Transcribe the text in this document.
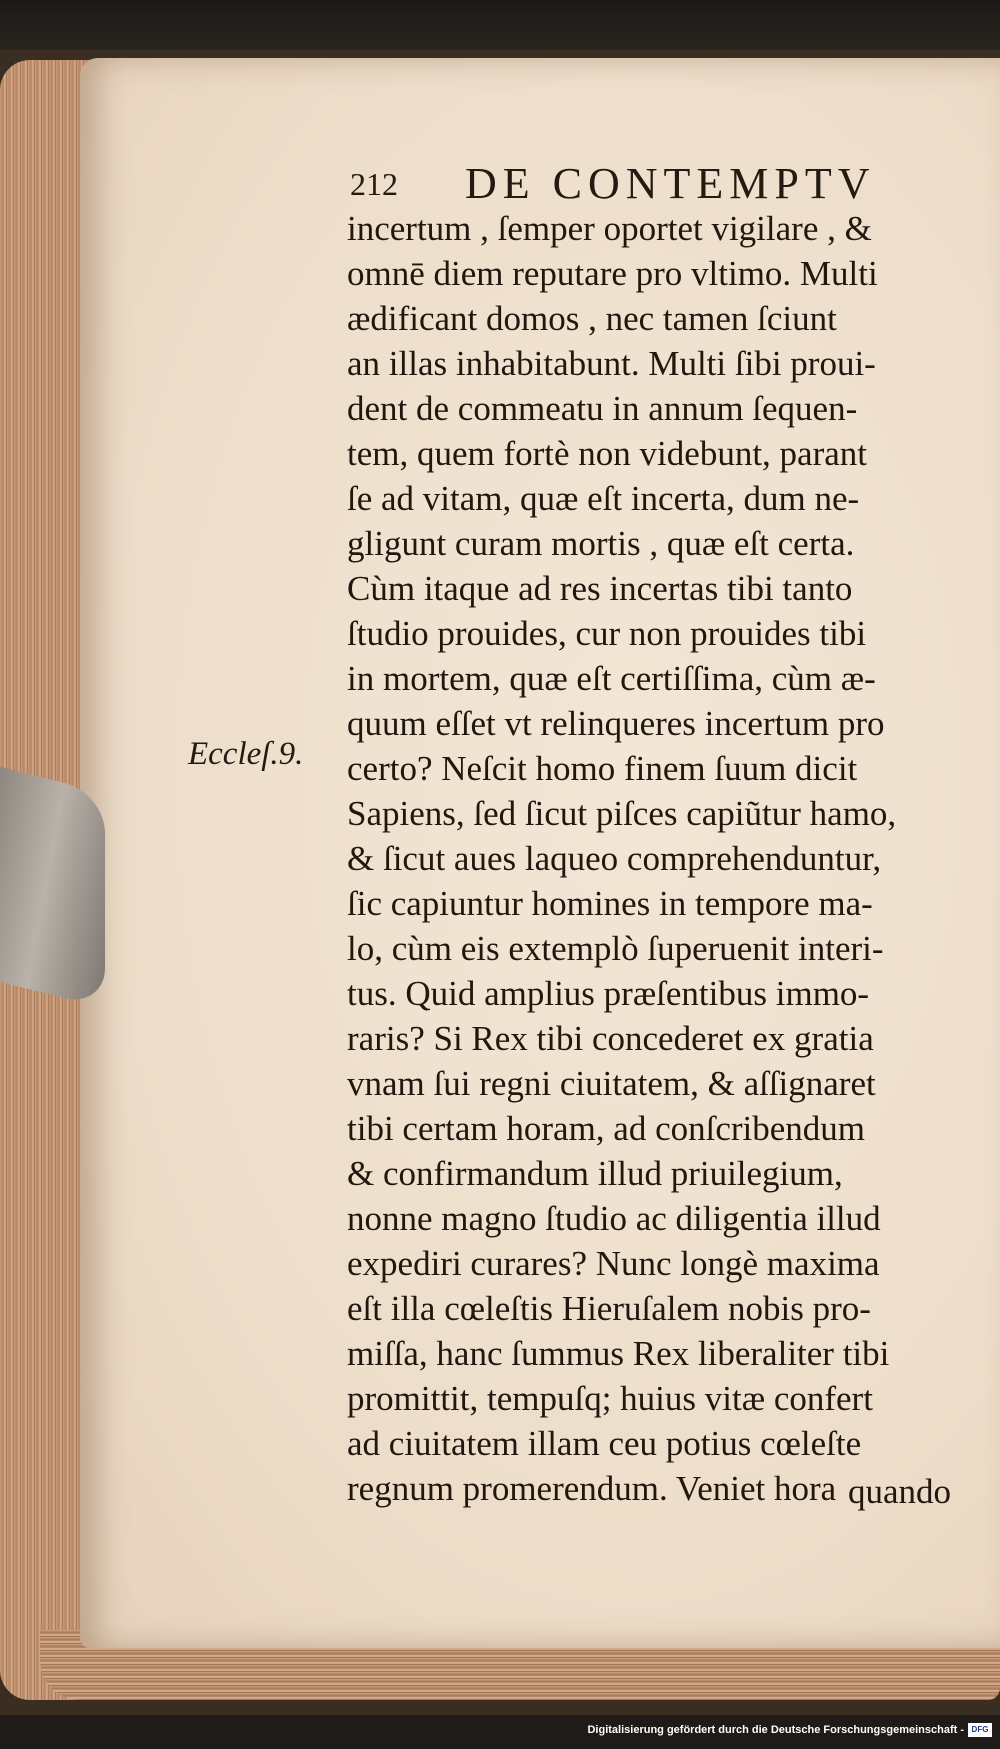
212 DE CONTEMPTV
Eccleſ.9.
incertum , ſemper oportet vigilare , &
omnē diem reputare pro vltimo. Multi
ædificant domos , nec tamen ſciunt
an illas inhabitabunt. Multi ſibi proui-
dent de commeatu in annum ſequen-
tem, quem fortè non videbunt, parant
ſe ad vitam, quæ eſt incerta, dum ne-
gligunt curam mortis , quæ eſt certa.
Cùm itaque ad res incertas tibi tanto
ſtudio prouides, cur non prouides tibi
in mortem, quæ eſt certiſſima, cùm æ-
quum eſſet vt relinqueres incertum pro
certo? Neſcit homo finem ſuum dicit
Sapiens, ſed ſicut piſces capiũtur hamo,
& ſicut aues laqueo comprehenduntur,
ſic capiuntur homines in tempore ma-
lo, cùm eis extemplò ſuperuenit interi-
tus. Quid amplius præſentibus immo-
raris? Si Rex tibi concederet ex gratia
vnam ſui regni ciuitatem, & aſſignaret
tibi certam horam, ad conſcribendum
& confirmandum illud priuilegium,
nonne magno ſtudio ac diligentia illud
expediri curares? Nunc longè maxima
eſt illa cœleſtis Hieruſalem nobis pro-
miſſa, hanc ſummus Rex liberaliter tibi
promittit, tempuſq; huius vitæ confert
ad ciuitatem illam ceu potius cœleſte
regnum promerendum. Veniet hora quando
Digitalisierung gefördert durch die Deutsche Forschungsgemeinschaft - DFG
